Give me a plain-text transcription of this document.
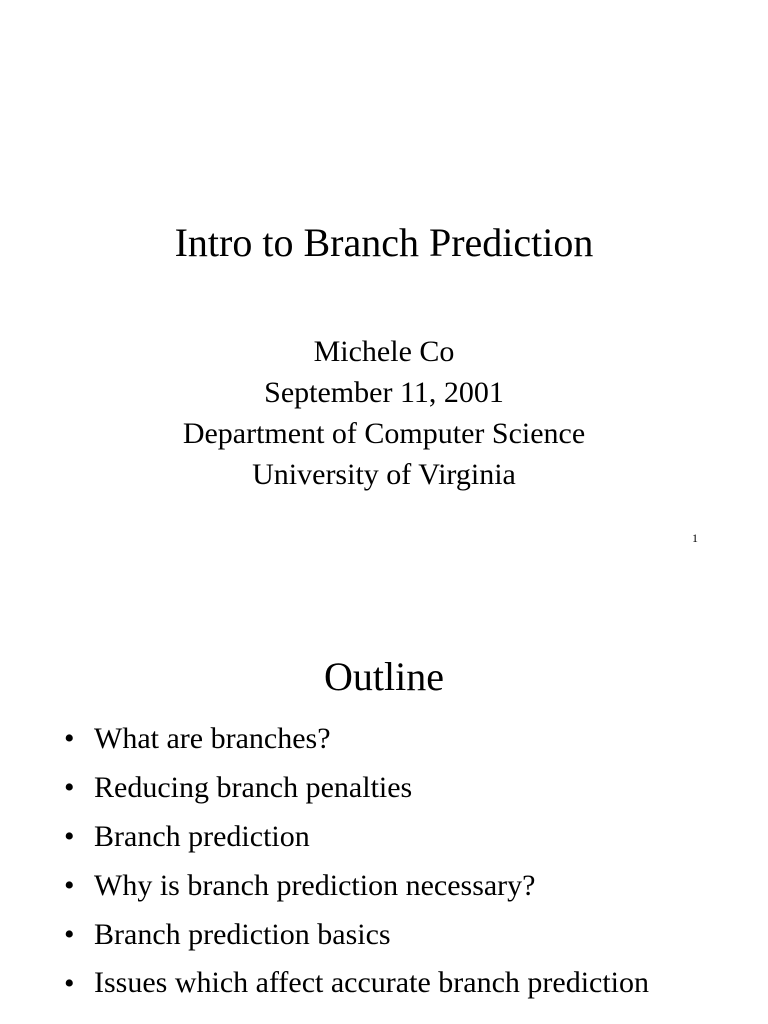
Intro to Branch Prediction
Michele Co
September 11, 2001
Department of Computer Science
University of Virginia
1
Outline
• What are branches?
• Reducing branch penalties
• Branch prediction
• Why is branch prediction necessary?
• Branch prediction basics
• Issues which affect accurate branch prediction
